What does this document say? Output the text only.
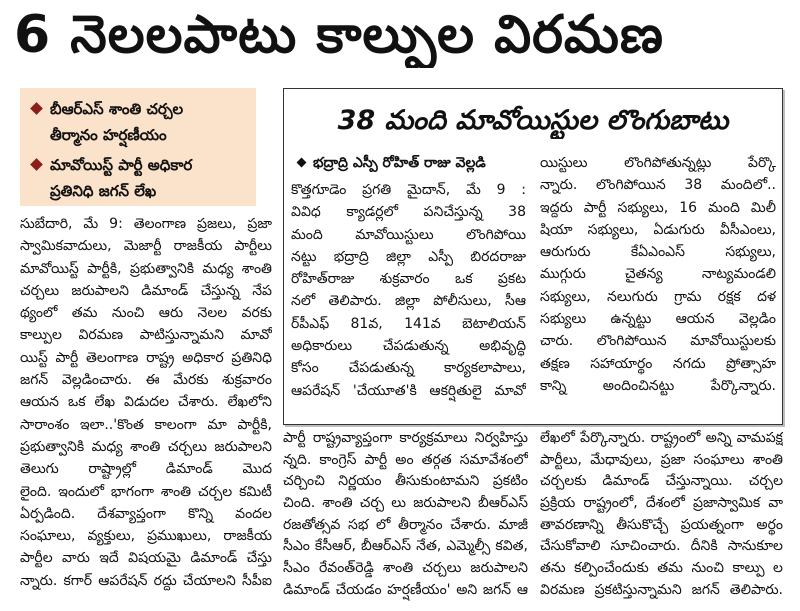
6 నెలలపాటు కాల్పుల విరమణ
బీఆర్ఎస్ శాంతి చర్చల
తీర్మానం హర్షణీయం
మావోయిస్ట్ పార్టీ అధికార
ప్రతినిధి జగన్ లేఖ
38 మంది మావోయిస్టుల లొంగుబాటు
భద్రాద్రి ఎస్పీ రోహిత్ రాజు వెల్లడి
కొత్తగూడెం ప్రగతి మైదాన్, మే 9 :
వివిధ క్యాడర్లలో పనిచేస్తున్న 38
మంది మావోయిస్టులు లొంగిపోయి
నట్టు భద్రాద్రి జిల్లా ఎస్పీ బిరదరాజు
రోహిత్‌రాజు శుక్రవారం ఒక ప్రకట
నలో తెలిపారు. జిల్లా పోలీసులు, సీఆ
ర్‌పీఎఫ్ 81వ, 141వ బెటాలియన్
అధికారులు చేపడుతున్న అభివృద్ధి
కోసం చేపడుతున్న కార్యకలాపాలు,
ఆపరేషన్ 'చేయూత'కి ఆకర్షితులై మావో
యిస్టులు లొంగిపోతున్నట్లు పేర్కొ
న్నారు. లొంగిపోయిన 38 మందిలో..
ఇద్దరు పార్టీ సభ్యులు, 16 మంది మిలీ
షియా సభ్యులు, ఏడుగురు వీసీఎంలు,
ఆరుగురు కేఏఎంఎస్ సభ్యులు,
ముగ్గురు చైతన్య నాట్యమండలి
సభ్యులు, నలుగురు గ్రామ రక్షక దళ
సభ్యులు ఉన్నట్టు ఆయన వెల్లడిం
చారు. లొంగిపోయిన మావోయిస్టులకు
తక్షణ సహాయార్థం నగదు ప్రోత్సాహ
కాన్ని అందించినట్టు పేర్కొన్నారు.
సుబేదారి, మే 9: తెలంగాణ ప్రజలు, ప్రజా
స్వామికవాదులు, మెజార్టీ రాజకీయ పార్టీలు
మావోయిస్ట్ పార్టీకి, ప్రభుత్వానికి మధ్య శాంతి
చర్చలు జరుపాలని డిమాండ్ చేస్తున్న నేప
థ్యంలో తమ నుంచి ఆరు నెలల వరకు
కాల్పుల విరమణ పాటిస్తున్నామని మావో
యిస్ట్ పార్టీ తెలంగాణ రాష్ట్ర అధికార ప్రతినిధి
జగన్ వెల్లడించారు. ఈ మేరకు శుక్రవారం
ఆయన ఒక లేఖ విడుదల చేశారు. లేఖలోని
సారాంశం ఇలా..'కొంత కాలంగా మా పార్టీకి,
ప్రభుత్వానికి మధ్య శాంతి చర్చలు జరుపాలని
తెలుగు రాష్ట్రాల్లో డిమాండ్ మొద
లైంది. ఇందులో భాగంగా శాంతి చర్చల కమిటీ
ఏర్పడింది. దేశవ్యాప్తంగా కొన్ని వందల
సంఘాలు, వ్యక్తులు, ప్రముఖులు, రాజకీయ
పార్టీల వారు ఇదే విషయమై డిమాండ్ చేస్తు
న్నారు. కగార్ ఆపరేషన్ రద్దు చేయాలని సీపీఐ
పార్టీ రాష్ట్రవ్యాప్తంగా కార్యక్రమాలు నిర్వహిస్తు
న్నది. కాంగ్రెస్ పార్టీ అం తర్గత సమావేశంలో
చర్చించి నిర్ణయం తీసుకుంటామని ప్రకటిం
చింది. శాంతి చర్చ లు జరుపాలని బీఆర్ఎస్
రజతోత్సవ సభ లో తీర్మానం చేశారు. మాజీ
సీఎం కేసీఆర్, బీఆర్ఎస్ నేత, ఎమ్మెల్సీ కవిత,
సీఎం రేవంత్‌రెడ్డి శాంతి చర్చలు జరుపాలని
డిమాండ్ చేయడం హర్షణీయం' అని జగన్ ఆ
లేఖలో పేర్కొన్నారు. రాష్ట్రంలో అన్ని వామపక్ష
పార్టీలు, మేధావులు, ప్రజా సంఘాలు శాంతి
చర్చలకు డిమాండ్ చేస్తున్నాయి. చర్చల
ప్రక్రియ రాష్ట్రంలో, దేశంలో ప్రజాస్వామిక వా
తావరణాన్ని తీసుకొచ్చే ప్రయత్నంగా అర్థం
చేసుకోవాలి సూచించారు. దీనికి సానుకూల
తను కల్పించేందుకు తమ నుంచి కాల్పు ల
విరమణ ప్రకటిస్తున్నామని జగన్ తెలిపారు.
